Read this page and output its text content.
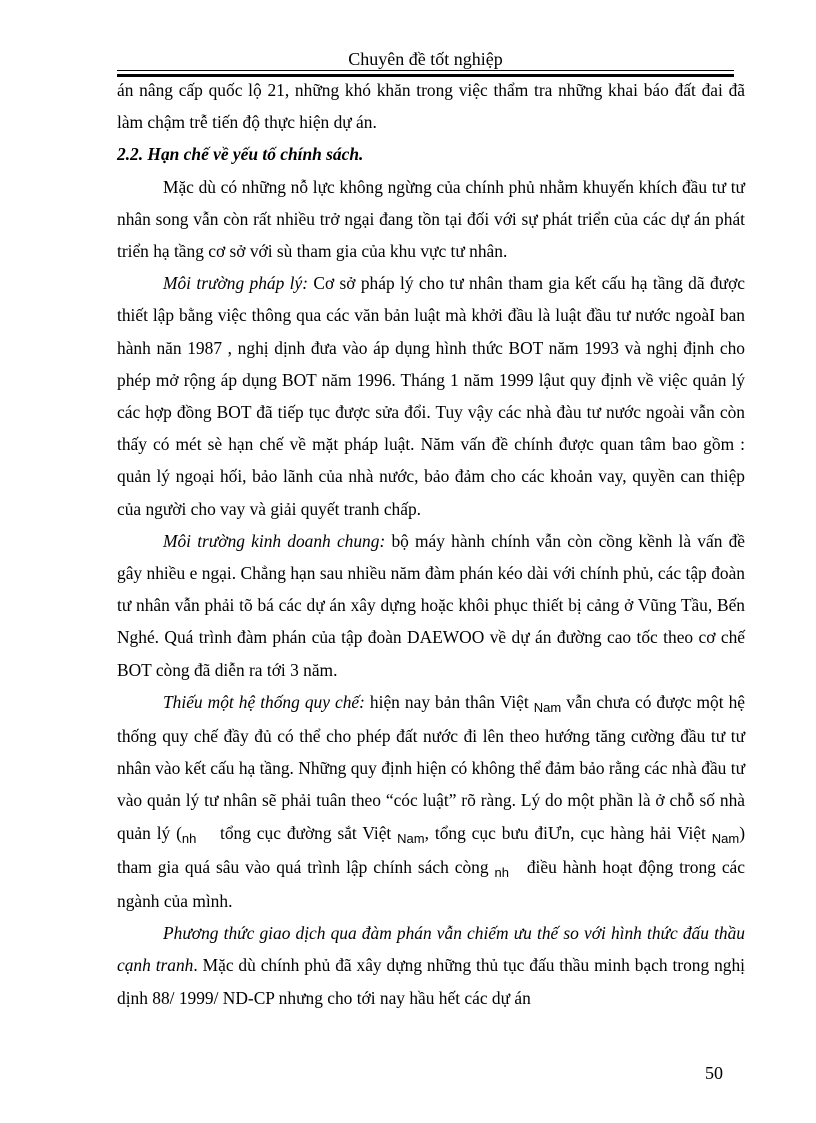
Chuyên đề tốt nghiệp

án nâng cấp quốc lộ 21, những khó khăn trong việc thẩm tra những khai báo đất đai đã làm chậm trễ tiến độ thực hiện dự án.

2.2. Hạn chế về yếu tố chính sách.

Mặc dù có những nỗ lực không ngừng của chính phủ nhằm khuyến khích đầu tư tư nhân song vẫn còn rất nhiều trở ngại đang tồn tại đối với sự phát triển của các dự án phát triển hạ tầng cơ sở với sù tham gia của khu vực tư nhân.

Môi trường pháp lý: Cơ sở pháp lý cho tư nhân tham gia kết cấu hạ tầng dã được thiết lập bằng việc thông qua các văn bản luật mà khởi đầu là luật đầu tư nước ngoàI ban hành năn 1987 , nghị dịnh đưa vào áp dụng hình thức BOT năm 1993 và nghị định cho phép mở rộng áp dụng BOT năm 1996. Tháng 1 năm 1999 lậut quy định về việc quản lý các hợp đồng BOT đã tiếp tục được sửa đổi. Tuy vậy các nhà đàu tư nước ngoài vẫn còn thấy có mét sè hạn chế về mặt pháp luật. Năm vấn đề chính được quan tâm bao gồm : quản lý ngoại hối, bảo lãnh của nhà nước, bảo đảm cho các khoản vay, quyền can thiệp của người cho vay và giải quyết tranh chấp.

Môi trường kinh doanh chung: bộ máy hành chính vẫn còn cồng kềnh là vấn đề gây nhiều e ngại. Chẳng hạn sau nhiều năm đàm phán kéo dài với chính phủ, các tập đoàn tư nhân vẫn phải tõ bá các dự án xây dựng hoặc khôi phục thiết bị cảng ở Vũng Tầu, Bến Nghé. Quá trình đàm phán của tập đoàn DAEWOO về dự án đường cao tốc theo cơ chế BOT còng đã diễn ra tới 3 năm.

Thiếu một hệ thống quy chế: hiện nay bản thân Việt $_{Nam}$ vẫn chưa có được một hệ thống quy chế đầy đủ có thể cho phép đất nước đi lên theo hướng tăng cường đầu tư tư nhân vào kết cấu hạ tầng. Những quy định hiện có không thể đảm bảo rằng các nhà đầu tư vào quản lý tư nhân sẽ phải tuân theo “cóc luật” rõ ràng. Lý do một phần là ở chỗ số nhà quản lý ($_{nh}$    tổng cục đường sắt Việt $_{Nam}$, tổng cục bưu điƯn, cục hàng hải Việt $_{Nam}$) tham gia quá sâu vào quá trình lập chính sách còng $_{nh}$   điều hành hoạt động trong các ngành của mình.

Phương thức giao dịch qua đàm phán vẫn chiếm ưu thế so với hình thức đấu thầu cạnh tranh. Mặc dù chính phủ đã xây dựng những thủ tục đấu thầu minh bạch trong nghị dịnh 88/ 1999/ ND-CP nhưng cho tới nay hầu hết các dự án

50
